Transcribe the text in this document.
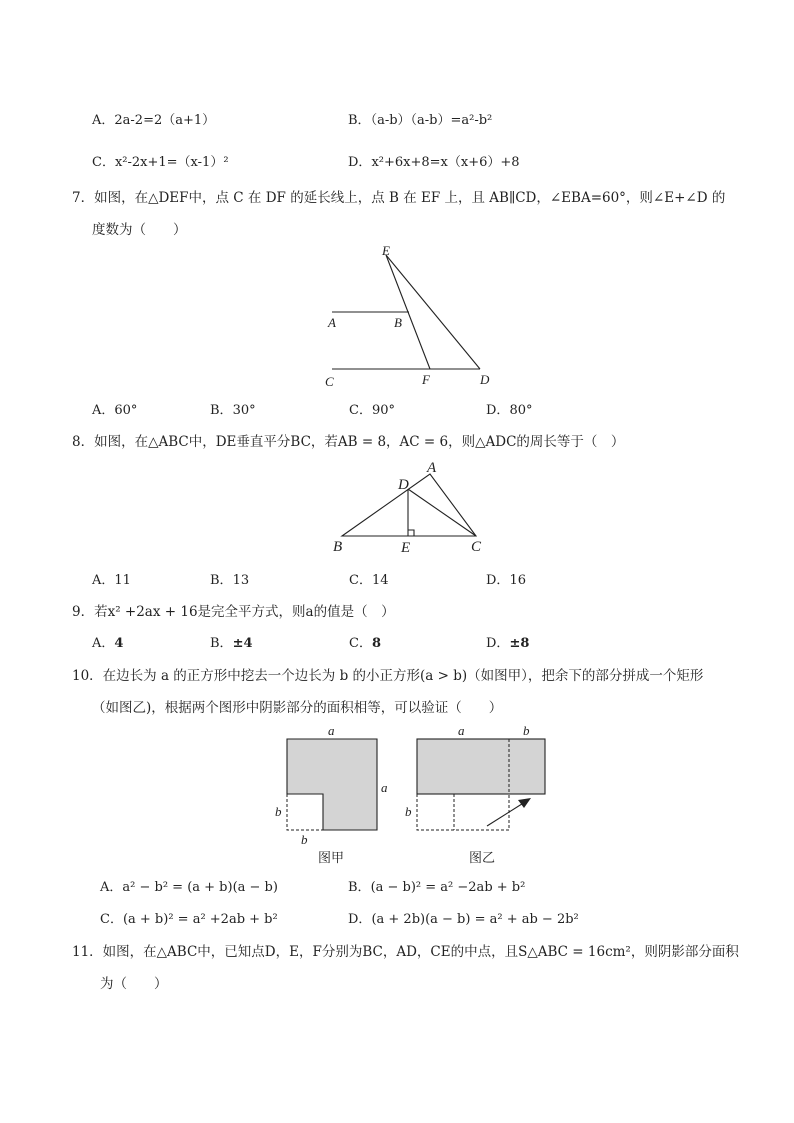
A．2a-2=2（a+1）	B．（a-b）（a-b）=a²-b²
C．x²-2x+1=（x-1）²	D．x²+6x+8=x（x+6）+8
7．如图，在△DEF中，点 C 在 DF 的延长线上，点 B 在 EF 上，且 AB∥CD，∠EBA=60°，则∠E+∠D 的
度数为（　　）
E
A	B
C	F	D
A．60°	B．30°	C．90°	D．80°
8．如图，在△ABC中，DE垂直平分BC，若AB = 8，AC = 6，则△ADC的周长等于（　）
A
D
B	E	C
A．11	B．13	C．14	D．16
9．若x² +2ax + 16是完全平方式，则a的值是（　）
A．4	B．±4	C．8	D．±8
10．在边长为 a 的正方形中挖去一个边长为 b 的小正方形(a > b)（如图甲），把余下的部分拼成一个矩形
（如图乙)，根据两个图形中阴影部分的面积相等，可以验证（　　）
a
a
b
b
a	b
b
图甲	图乙
A．a² − b² = (a + b)(a − b)	B．(a − b)² = a² −2ab + b²
C．(a + b)² = a² +2ab + b²	D．(a + 2b)(a − b) = a² + ab − 2b²
11．如图，在△ABC中，已知点D，E，F分别为BC，AD，CE的中点，且S△ABC = 16cm²，则阴影部分面积
为（　　）
